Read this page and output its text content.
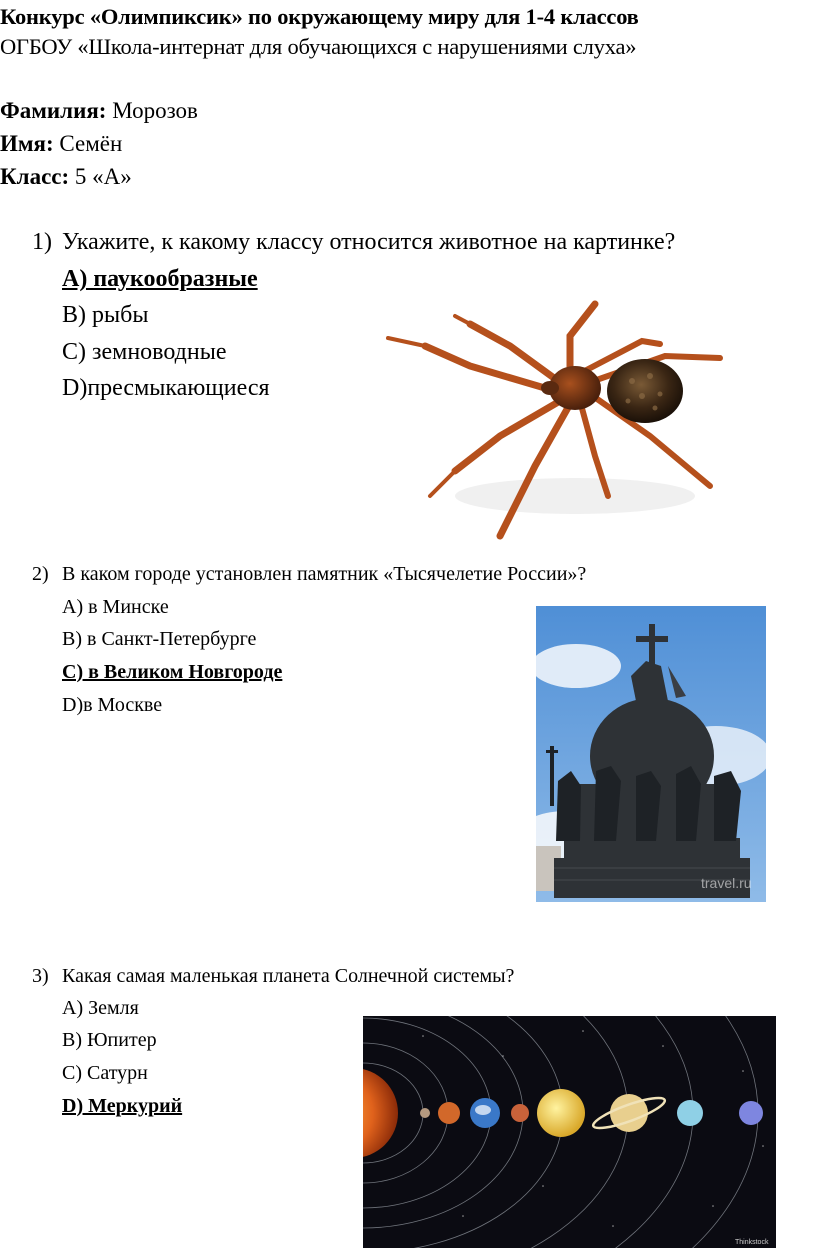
Конкурс «Олимпиксик» по окружающему миру для 1-4 классов
ОГБОУ «Школа-интернат для обучающихся с нарушениями слуха»
Фамилия: Морозов
Имя: Семён
Класс: 5 «А»
1) Укажите, к какому классу относится животное на картинке?
А) паукообразные
В) рыбы
С) земноводные
D)пресмыкающиеся
2) В каком городе установлен памятник «Тысячелетие России»?
А) в Минске
В) в Санкт-Петербурге
С) в Великом Новгороде
D)в Москве
travel.ru
3) Какая самая маленькая планета Солнечной системы?
А) Земля
В) Юпитер
С) Сатурн
D) Меркурий
Thinkstock
